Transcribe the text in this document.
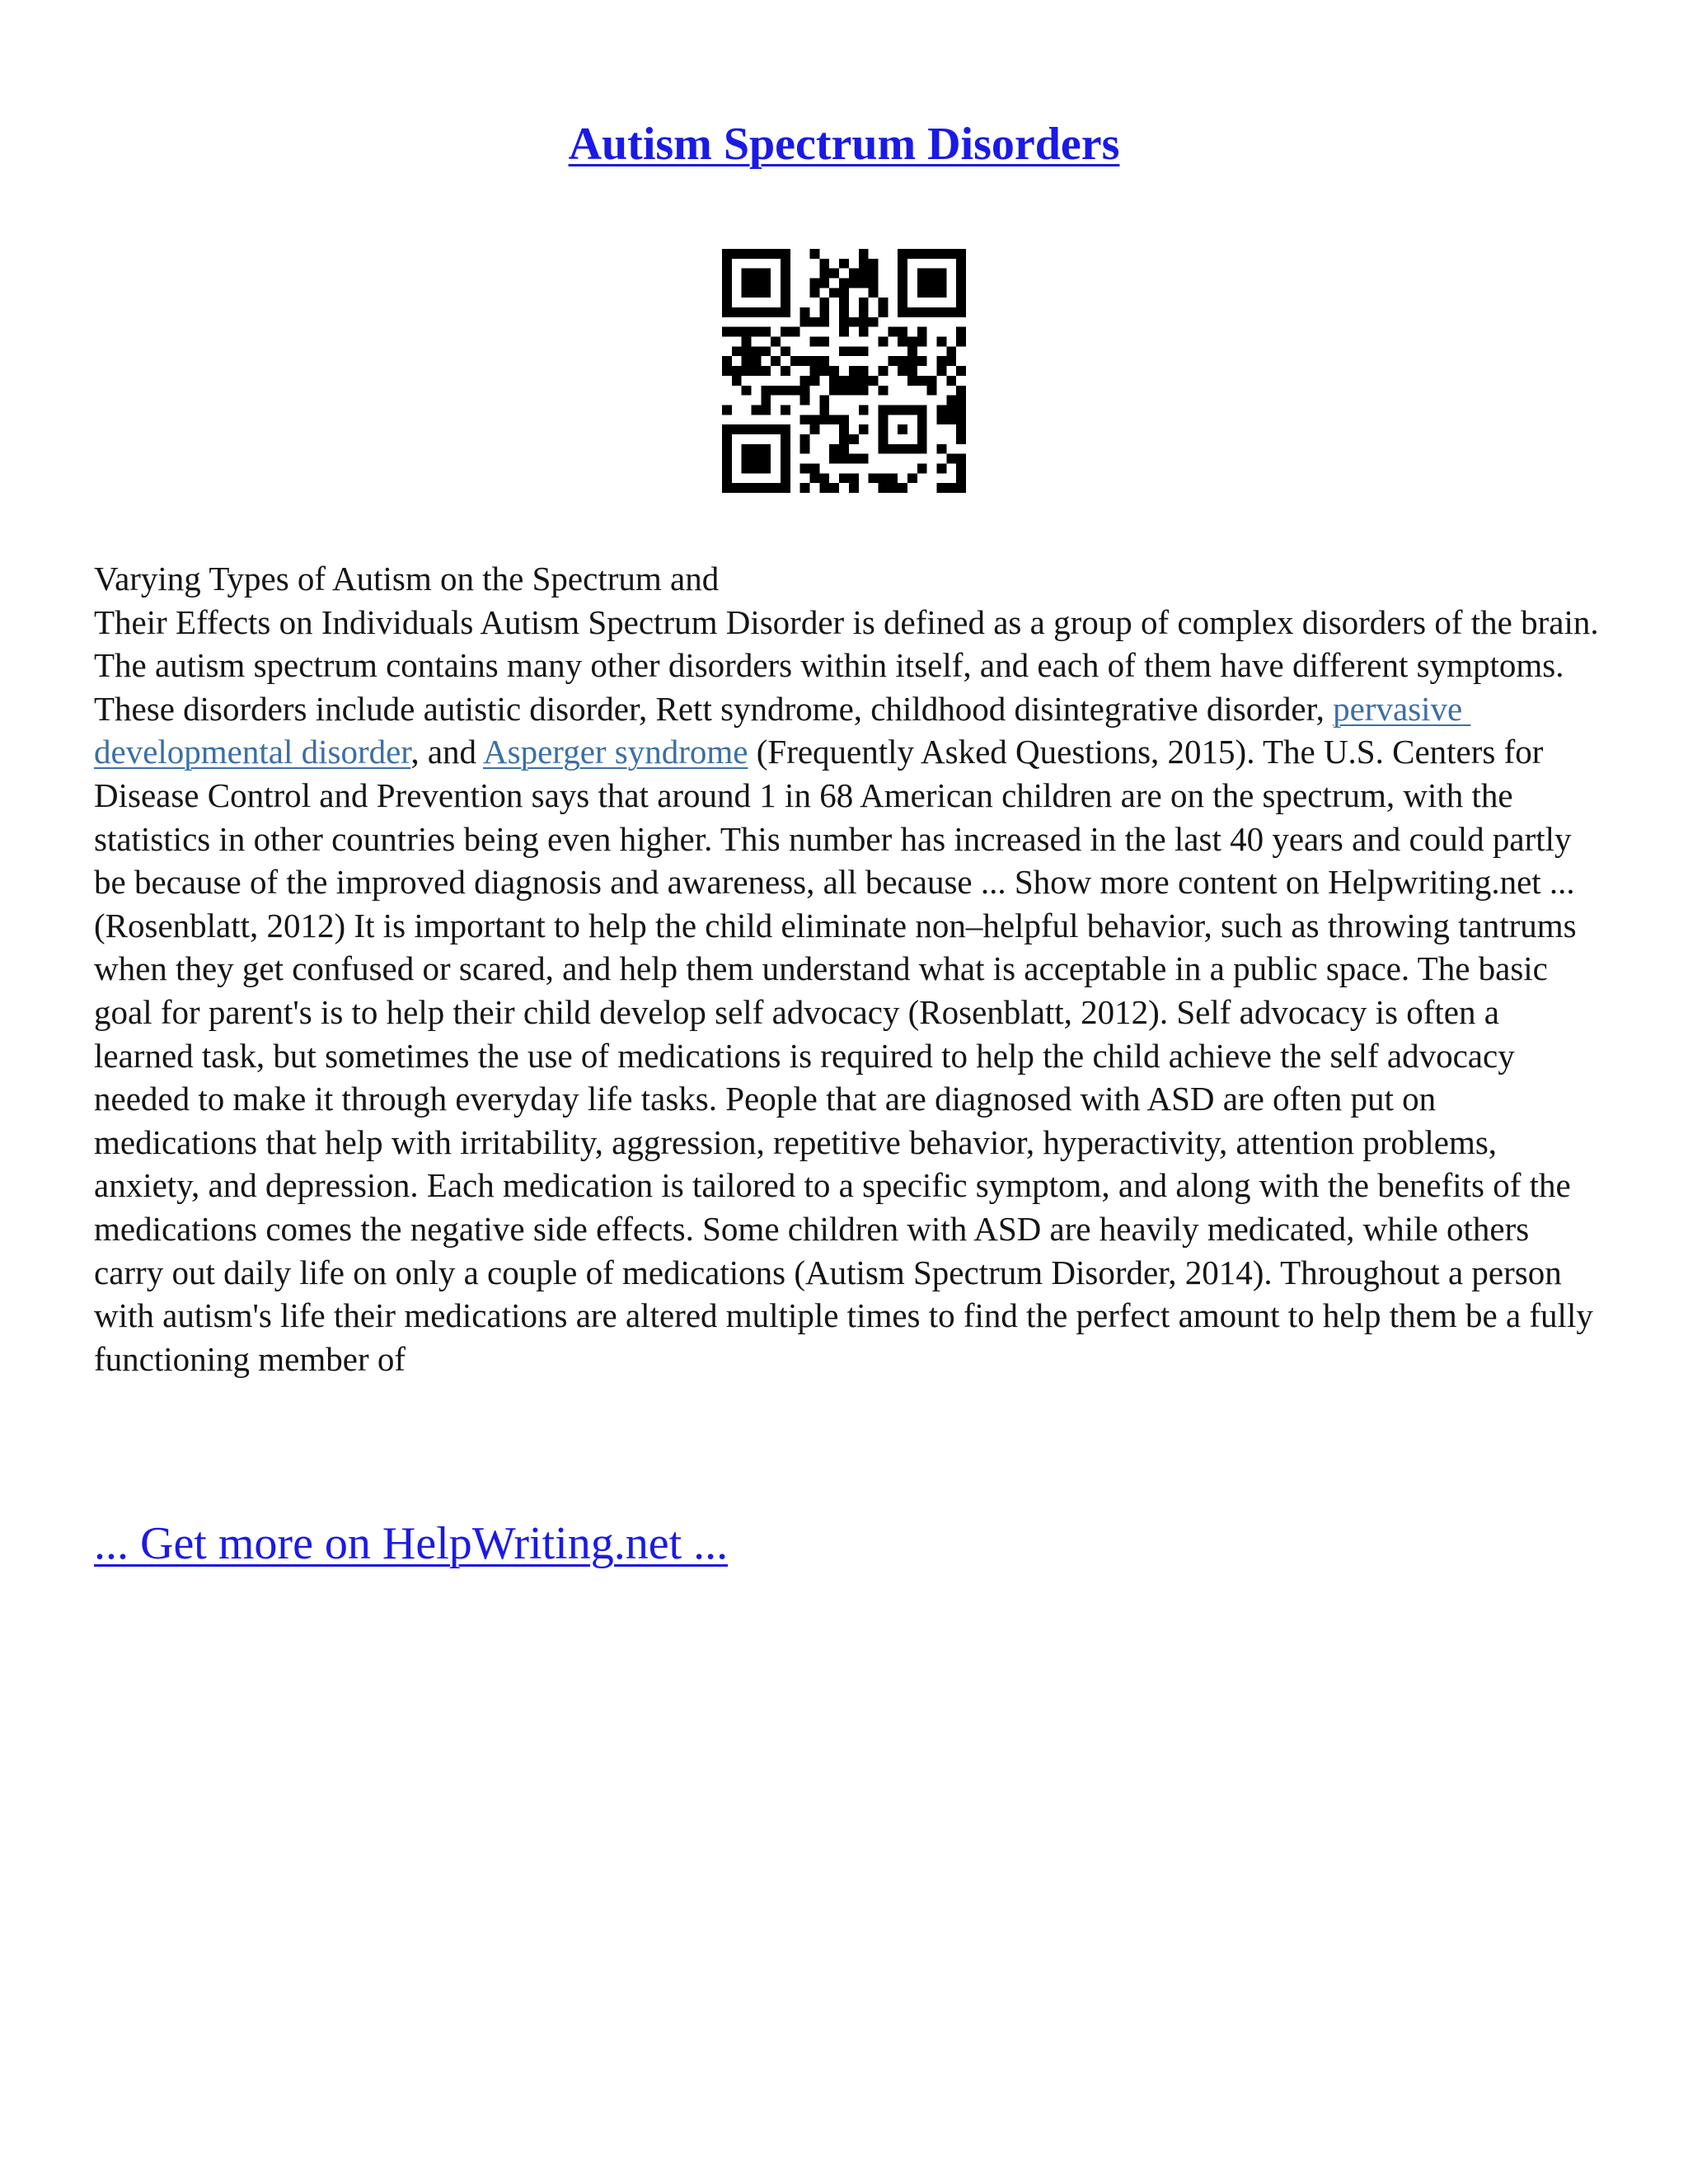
Autism Spectrum Disorders

Varying Types of Autism on the Spectrum and

Their Effects on Individuals Autism Spectrum Disorder is defined as a group of complex disorders of the brain. The autism spectrum contains many other disorders within itself, and each of them have different symptoms. These disorders include autistic disorder, Rett syndrome, childhood disintegrative disorder, pervasive developmental disorder, and Asperger syndrome (Frequently Asked Questions, 2015). The U.S. Centers for Disease Control and Prevention says that around 1 in 68 American children are on the spectrum, with the statistics in other countries being even higher. This number has increased in the last 40 years and could partly be because of the improved diagnosis and awareness, all because ... Show more content on Helpwriting.net ...

(Rosenblatt, 2012) It is important to help the child eliminate non–helpful behavior, such as throwing tantrums when they get confused or scared, and help them understand what is acceptable in a public space. The basic goal for parent's is to help their child develop self advocacy (Rosenblatt, 2012). Self advocacy is often a learned task, but sometimes the use of medications is required to help the child achieve the self advocacy needed to make it through everyday life tasks. People that are diagnosed with ASD are often put on medications that help with irritability, aggression, repetitive behavior, hyperactivity, attention problems, anxiety, and depression. Each medication is tailored to a specific symptom, and along with the benefits of the medications comes the negative side effects. Some children with ASD are heavily medicated, while others carry out daily life on only a couple of medications (Autism Spectrum Disorder, 2014). Throughout a person with autism's life their medications are altered multiple times to find the perfect amount to help them be a fully functioning member of

... Get more on HelpWriting.net ...
